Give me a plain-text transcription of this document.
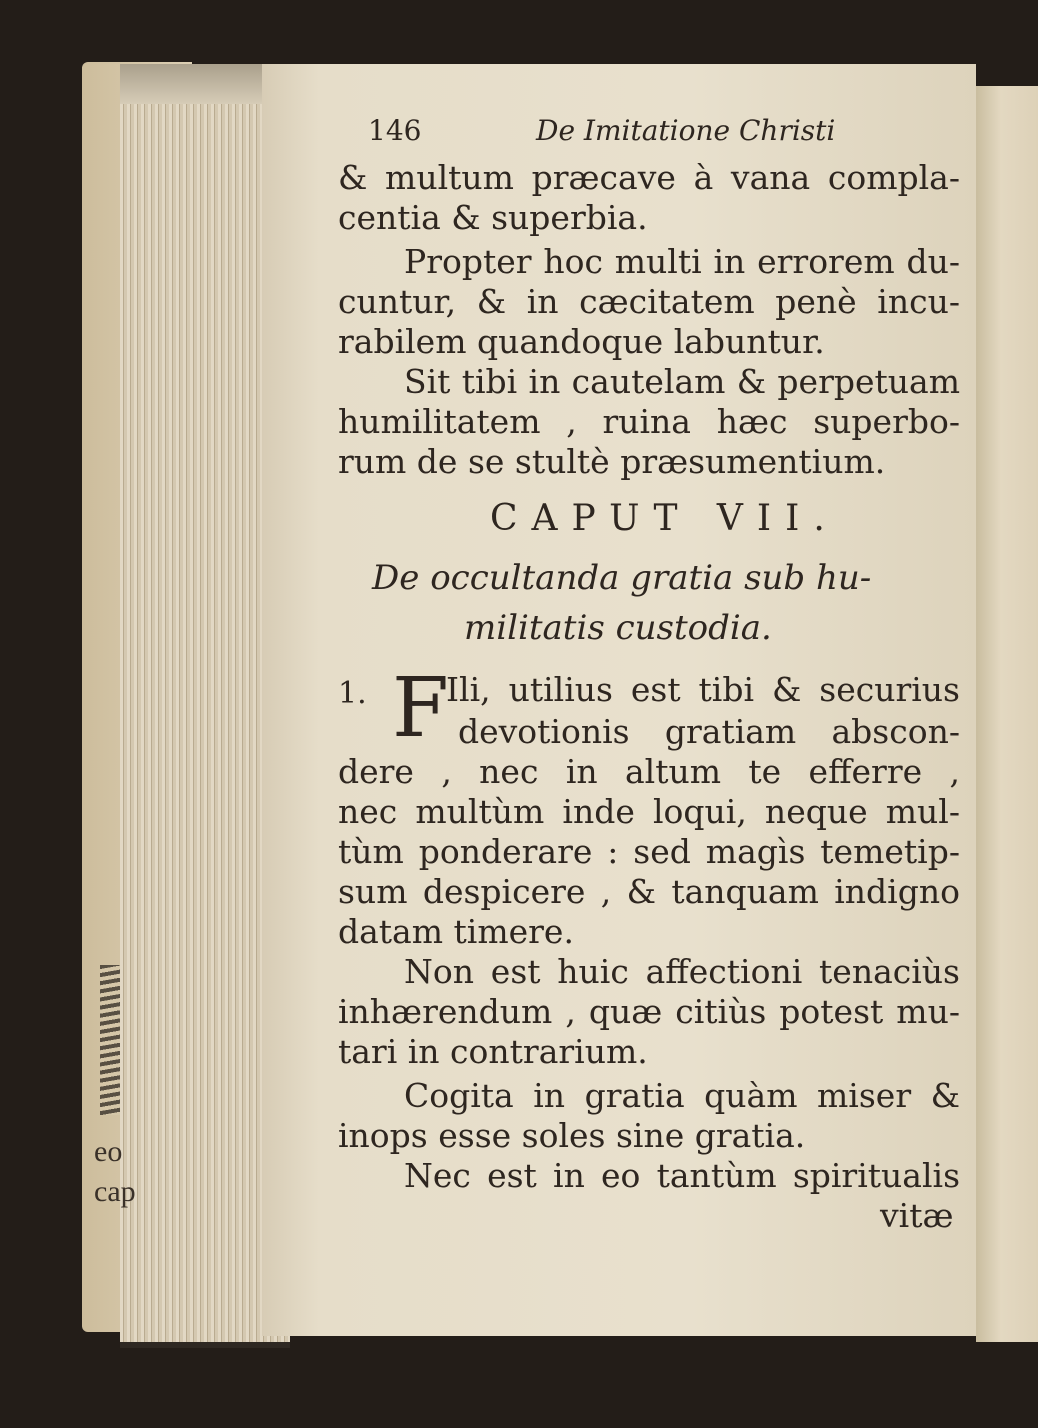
eo
cap
146	De Imitatione Christi
& multum præcave à vana compla-
centia & superbia.
Propter hoc multi in errorem du-
cuntur, & in cæcitatem penè incu-
rabilem quandoque labuntur.
Sit tibi in cautelam & perpetuam
humilitatem , ruina hæc superbo-
rum de se stultè præsumentium.
CAPUT VII.
De occultanda gratia sub hu-
militatis custodia.
1. F
Ili, utilius est tibi & securius
devotionis gratiam abscon-
dere , nec in altum te efferre ,
nec multùm inde loqui, neque mul-
tùm ponderare : sed magìs temetip-
sum despicere , & tanquam indigno
datam timere.
Non est huic affectioni tenaciùs
inhærendum , quæ citiùs potest mu-
tari in contrarium.
Cogita in gratia quàm miser &
inops esse soles sine gratia.
Nec est in eo tantùm spiritualis
vitæ
